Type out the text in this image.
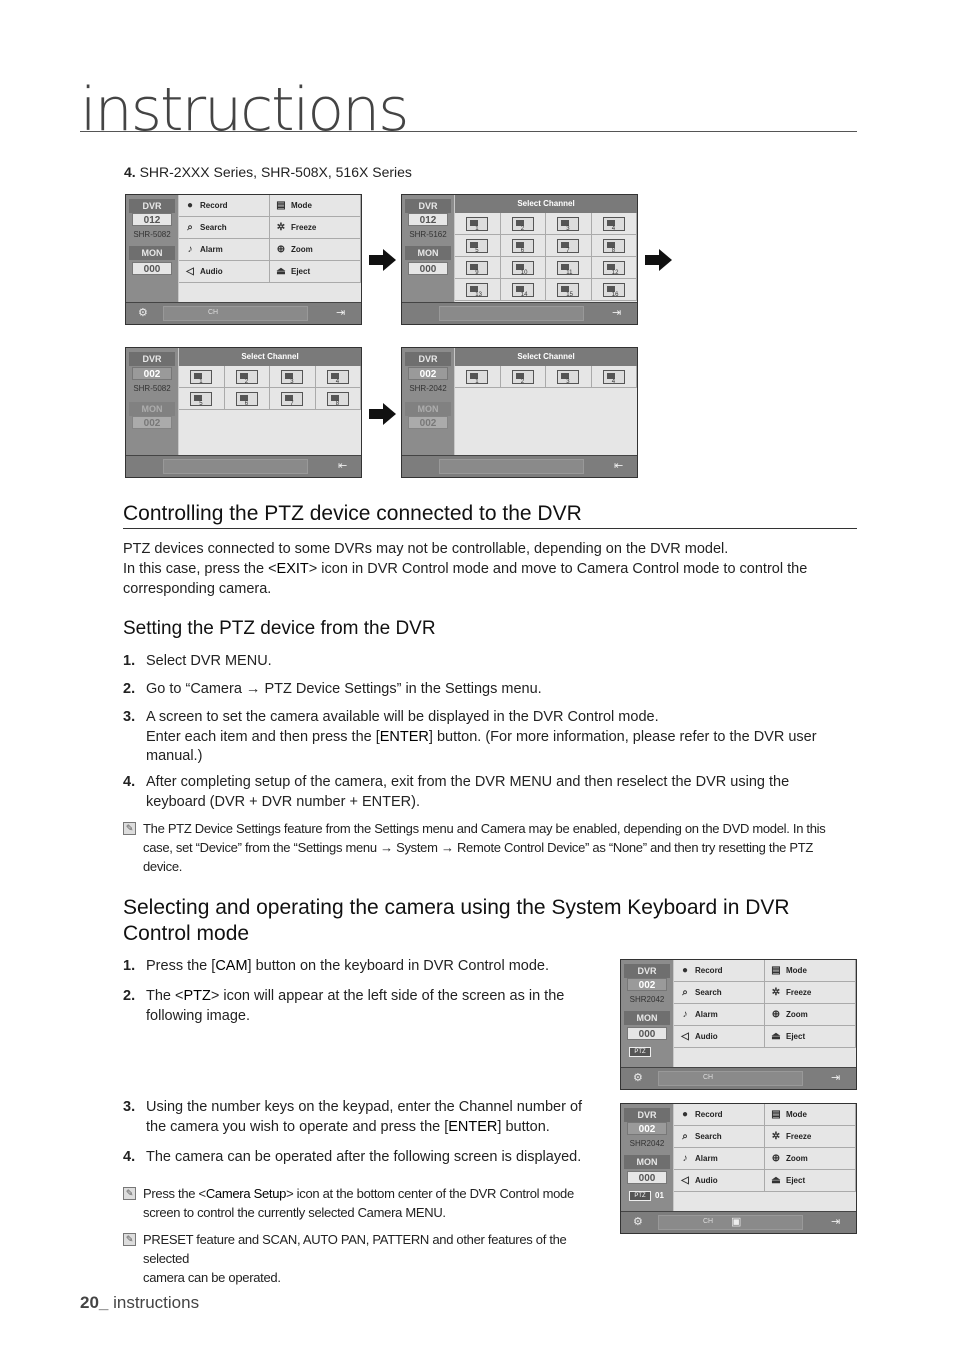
instructions
4. SHR-2XXX Series, SHR-508X, 516X Series
DVR
012
SHR-5082
MON
000
● Record	▤ Mode
⌕ Search	✲ Freeze
♪ Alarm	⊕ Zoom
◁ Audio	⏏ Eject
⚙	CH	⇥
DVR
012
SHR-5162
MON
000
Select Channel
1	2	3	4
5	6	7	8
9	10	11	12
13	14	15	16
⇥
DVR
002
SHR-5082
MON
002
Select Channel
1	2	3	4
5	6	7	8
⇤
DVR
002
SHR-2042
MON
002
Select Channel
1	2	3	4
⇤
Controlling the PTZ device connected to the DVR
PTZ devices connected to some DVRs may not be controllable, depending on the DVR model.
In this case, press the <EXIT> icon in DVR Control mode and move to Camera Control mode to control the
corresponding camera.
Setting the PTZ device from the DVR
1. Select DVR MENU.
2. Go to “Camera → PTZ Device Settings” in the Settings menu.
3. A screen to set the camera available will be displayed in the DVR Control mode.
Enter each item and then press the [ENTER] button. (For more information, please refer to the DVR user
manual.)
4. After completing setup of the camera, exit from the DVR MENU and then reselect the DVR using the
keyboard (DVR + DVR number + ENTER).
✎ The PTZ Device Settings feature from the Settings menu and Camera may be enabled, depending on the DVD model. In this
case, set “Device” from the “Settings menu → System → Remote Control Device” as “None” and then try resetting the PTZ
device.
Selecting and operating the camera using the System Keyboard in DVR
Control mode
1. Press the [CAM] button on the keyboard in DVR Control mode.
2. The <PTZ> icon will appear at the left side of the screen as in the
following image.
3. Using the number keys on the keypad, enter the Channel number of
the camera you wish to operate and press the [ENTER] button.
4. The camera can be operated after the following screen is displayed.
✎ Press the <Camera Setup> icon at the bottom center of the DVR Control mode
screen to control the currently selected Camera MENU.
✎ PRESET feature and SCAN, AUTO PAN, PATTERN and other features of the selected
camera can be operated.
DVR
002
SHR2042
MON
000
PTZ
● Record	▤ Mode
⌕ Search	✲ Freeze
♪ Alarm	⊕ Zoom
◁ Audio	⏏ Eject
⚙	CH	⇥
DVR
002
SHR2042
MON
000
PTZ	01
● Record	▤ Mode
⌕ Search	✲ Freeze
♪ Alarm	⊕ Zoom
◁ Audio	⏏ Eject
⚙	CH ▣	⇥
20_ instructions
